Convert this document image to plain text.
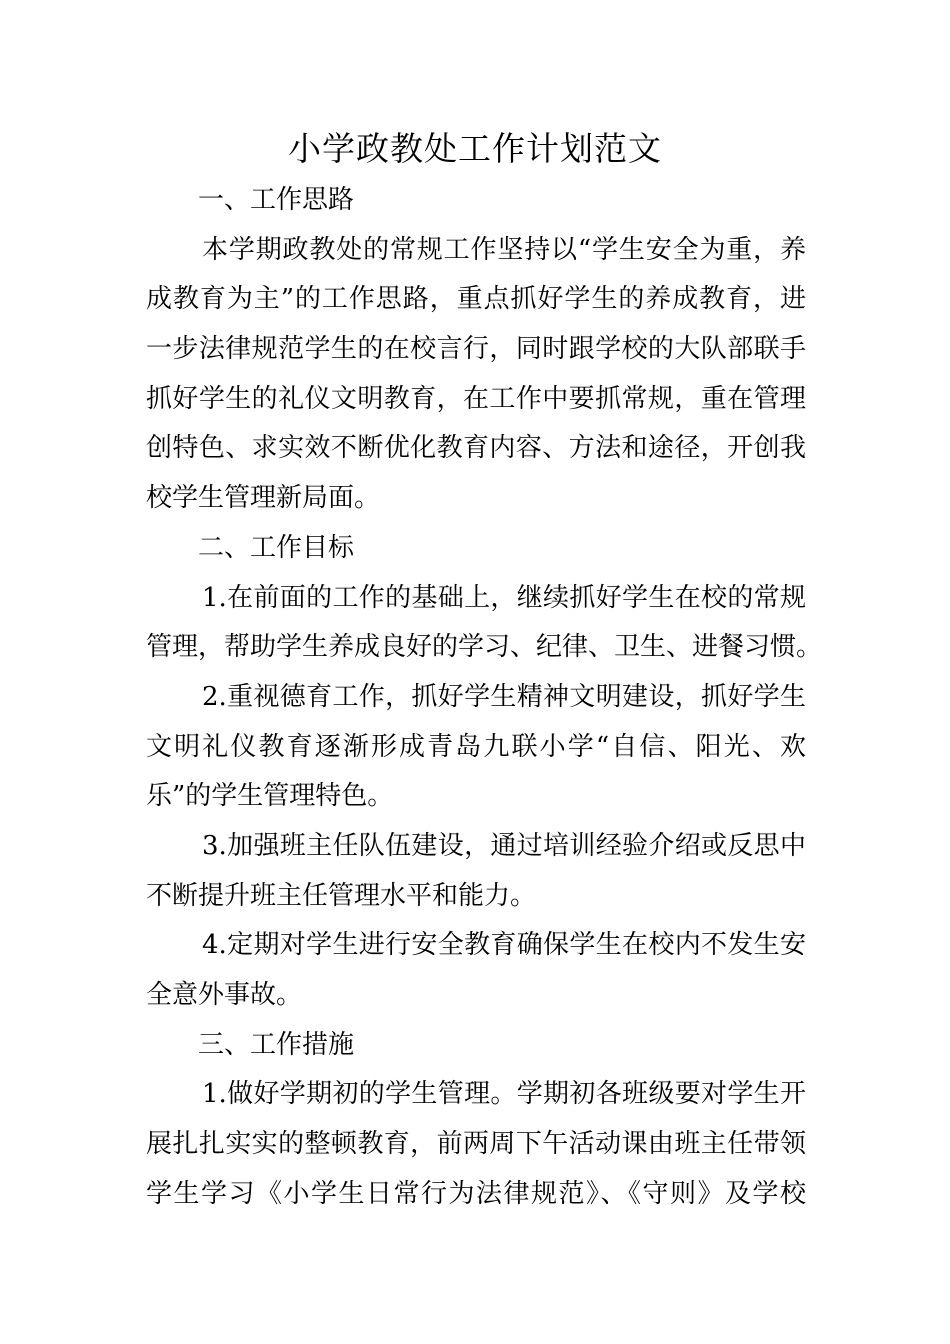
小学政教处工作计划范文
一、工作思路
本学期政教处的常规工作坚持以“学生安全为重，养
成教育为主”的工作思路，重点抓好学生的养成教育，进
一步法律规范学生的在校言行，同时跟学校的大队部联手
抓好学生的礼仪文明教育，在工作中要抓常规，重在管理
创特色、求实效不断优化教育内容、方法和途径，开创我
校学生管理新局面。
二、工作目标
1.在前面的工作的基础上，继续抓好学生在校的常规
管理，帮助学生养成良好的学习、纪律、卫生、进餐习惯。
2.重视德育工作，抓好学生精神文明建设，抓好学生
文明礼仪教育逐渐形成青岛九联小学“自信、阳光、欢
乐”的学生管理特色。
3.加强班主任队伍建设，通过培训经验介绍或反思中
不断提升班主任管理水平和能力。
4.定期对学生进行安全教育确保学生在校内不发生安
全意外事故。
三、工作措施
1.做好学期初的学生管理。学期初各班级要对学生开
展扎扎实实的整顿教育，前两周下午活动课由班主任带领
学生学习《小学生日常行为法律规范》、《守则》及学校
